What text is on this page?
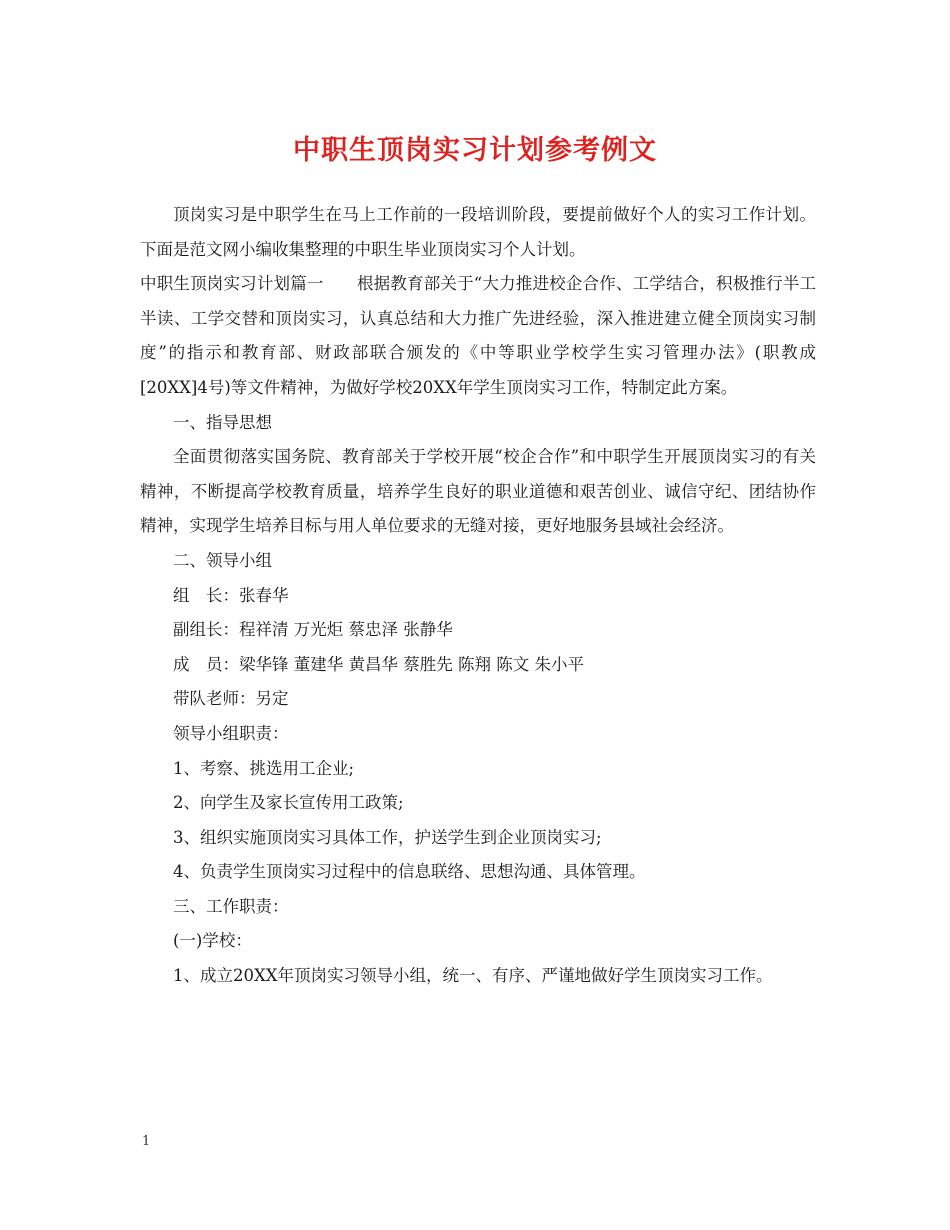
中职生顶岗实习计划参考例文

顶岗实习是中职学生在马上工作前的一段培训阶段，要提前做好个人的实习工作计划。下面是范文网小编收集整理的中职生毕业顶岗实习个人计划。

中职生顶岗实习计划篇一　　根据教育部关于“大力推进校企合作、工学结合，积极推行半工半读、工学交替和顶岗实习，认真总结和大力推广先进经验，深入推进建立健全顶岗实习制度”的指示和教育部、财政部联合颁发的《中等职业学校学生实习管理办法》(职教成[20XX]4号)等文件精神，为做好学校20XX年学生顶岗实习工作，特制定此方案。

一、指导思想

全面贯彻落实国务院、教育部关于学校开展“校企合作”和中职学生开展顶岗实习的有关精神，不断提高学校教育质量，培养学生良好的职业道德和艰苦创业、诚信守纪、团结协作精神，实现学生培养目标与用人单位要求的无缝对接，更好地服务县域社会经济。

二、领导小组

组　长：张春华

副组长：程祥清 万光炬 蔡忠泽 张静华

成　员：梁华锋 董建华 黄昌华 蔡胜先 陈翔 陈文 朱小平

带队老师：另定

领导小组职责：

1、考察、挑选用工企业;

2、向学生及家长宣传用工政策;

3、组织实施顶岗实习具体工作，护送学生到企业顶岗实习;

4、负责学生顶岗实习过程中的信息联络、思想沟通、具体管理。

三、工作职责：

(一)学校：

1、成立20XX年顶岗实习领导小组，统一、有序、严谨地做好学生顶岗实习工作。

1
